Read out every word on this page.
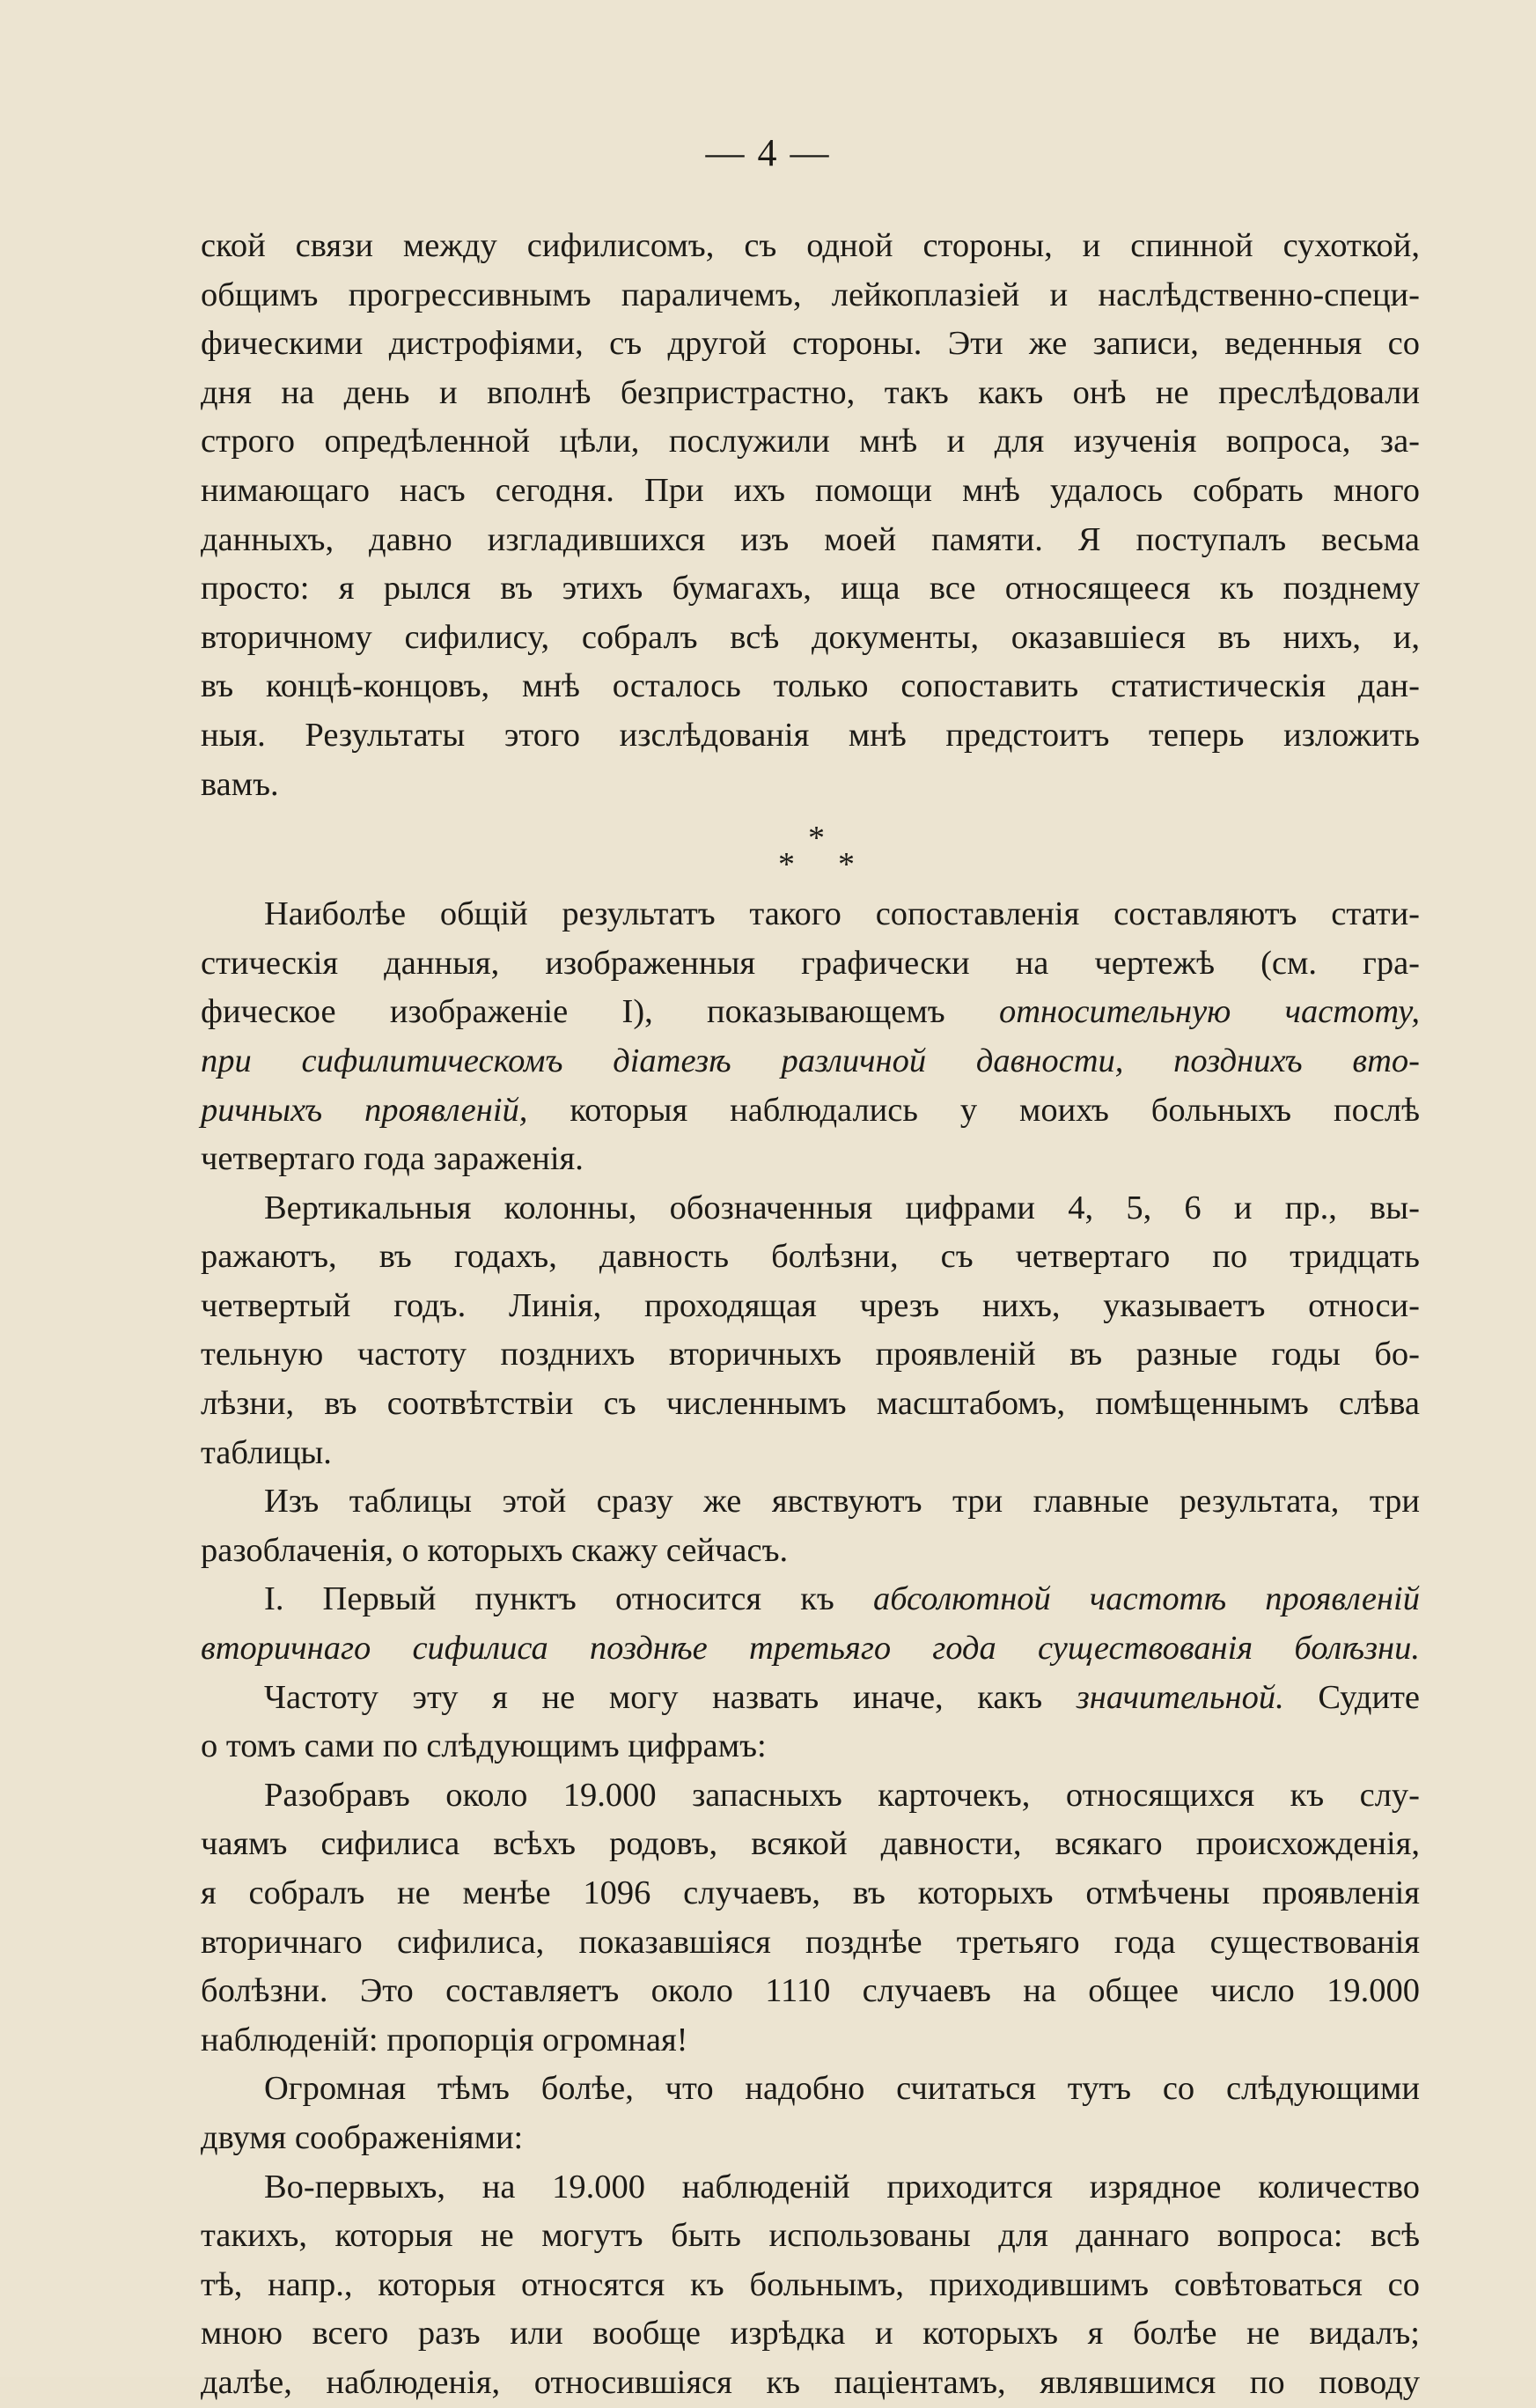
— 4 —
ской связи между сифилисомъ, съ одной стороны, и спинной сухоткой,
общимъ прогрессивнымъ параличемъ, лейкоплазіей и наслѣдственно-специ-
фическими дистрофіями, съ другой стороны. Эти же записи, веденныя со
дня на день и вполнѣ безпристрастно, такъ какъ онѣ не преслѣдовали
строго опредѣленной цѣли, послужили мнѣ и для изученія вопроса, за-
нимающаго насъ сегодня. При ихъ помощи мнѣ удалось собрать много
данныхъ, давно изгладившихся изъ моей памяти. Я поступалъ весьма
просто: я рылся въ этихъ бумагахъ, ища все относящееся къ позднему
вторичному сифилису, собралъ всѣ документы, оказавшіеся въ нихъ, и,
въ концѣ-концовъ, мнѣ осталось только сопоставить статистическія дан-
ныя. Результаты этого изслѣдованія мнѣ предстоитъ теперь изложить
вамъ.
*
* *
Наиболѣе общій результатъ такого сопоставленія составляютъ стати-
стическія данныя, изображенныя графически на чертежѣ (см. гра-
фическое изображеніе I), показывающемъ относительную частоту,
при сифилитическомъ діатезѣ различной давности, позднихъ вто-
ричныхъ проявленій, которыя наблюдались у моихъ больныхъ послѣ
четвертаго года зараженія.
Вертикальныя колонны, обозначенныя цифрами 4, 5, 6 и пр., вы-
ражаютъ, въ годахъ, давность болѣзни, съ четвертаго по тридцать
четвертый годъ. Линія, проходящая чрезъ нихъ, указываетъ относи-
тельную частоту позднихъ вторичныхъ проявленій въ разные годы бо-
лѣзни, въ соотвѣтствіи съ численнымъ масштабомъ, помѣщеннымъ слѣва
таблицы.
Изъ таблицы этой сразу же явствуютъ три главные результата, три
разоблаченія, о которыхъ скажу сейчасъ.
I. Первый пунктъ относится къ абсолютной частотѣ проявленій
вторичнаго сифилиса позднѣе третьяго года существованія болѣзни.
Частоту эту я не могу назвать иначе, какъ значительной. Судите
о томъ сами по слѣдующимъ цифрамъ:
Разобравъ около 19.000 запасныхъ карточекъ, относящихся къ слу-
чаямъ сифилиса всѣхъ родовъ, всякой давности, всякаго происхожденія,
я собралъ не менѣе 1096 случаевъ, въ которыхъ отмѣчены проявленія
вторичнаго сифилиса, показавшіяся позднѣе третьяго года существованія
болѣзни. Это составляетъ около 1110 случаевъ на общее число 19.000
наблюденій: пропорція огромная!
Огромная тѣмъ болѣе, что надобно считаться тутъ со слѣдующими
двумя соображеніями:
Во-первыхъ, на 19.000 наблюденій приходится изрядное количество
такихъ, которыя не могутъ быть использованы для даннаго вопроса: всѣ
тѣ, напр., которыя относятся къ больнымъ, приходившимъ совѣтоваться со
мною всего разъ или вообще изрѣдка и которыхъ я болѣе не видалъ;
далѣе, наблюденія, относившіяся къ паціентамъ, являвшимся по поводу
